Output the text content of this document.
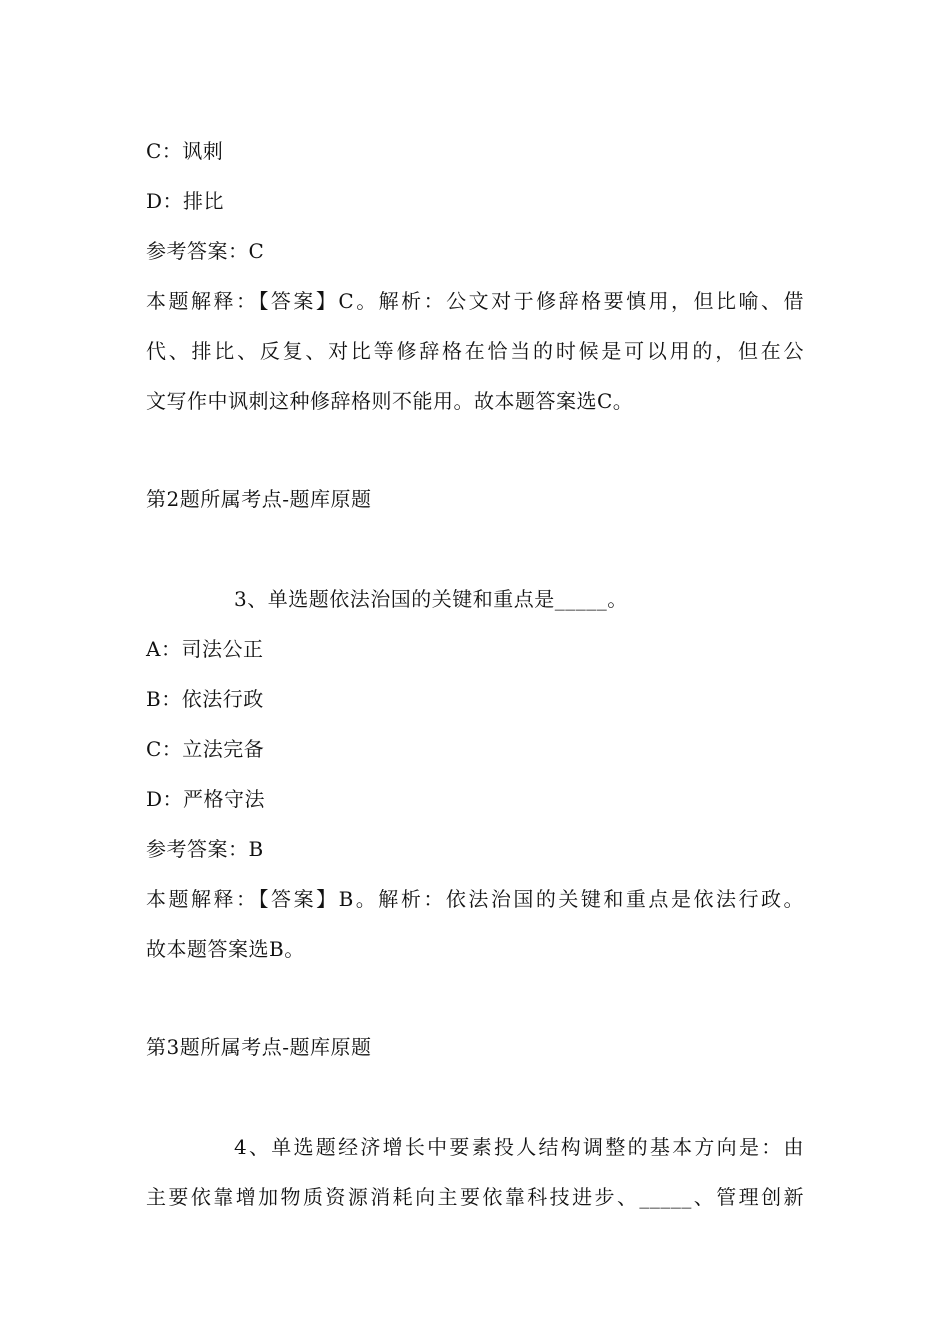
C：讽刺
D：排比
参考答案：C
本题解释：【答案】C。解析：公文对于修辞格要慎用，但比喻、借
代、排比、反复、对比等修辞格在恰当的时候是可以用的，但在公
文写作中讽刺这种修辞格则不能用。故本题答案选C。
第2题所属考点-题库原题
3、单选题依法治国的关键和重点是_____。
A：司法公正
B：依法行政
C：立法完备
D：严格守法
参考答案：B
本题解释：【答案】B。解析：依法治国的关键和重点是依法行政。
故本题答案选B。
第3题所属考点-题库原题
4、单选题经济增长中要素投人结构调整的基本方向是：由
主要依靠增加物质资源消耗向主要依靠科技进步、_____、管理创新
